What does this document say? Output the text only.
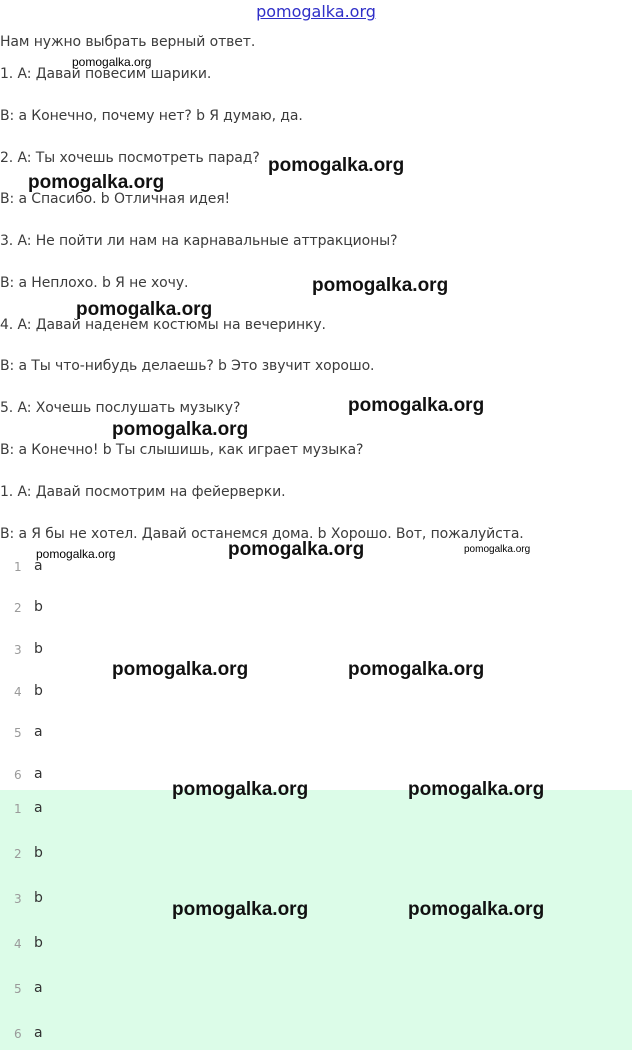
pomogalka.org
Нам нужно выбрать верный ответ.
1. A: Давай повесим шарики.
B: a Конечно, почему нет? b Я думаю, да.
2. A: Ты хочешь посмотреть парад?
B: a Спасибо. b Отличная идея!
3. A: Не пойти ли нам на карнавальные аттракционы?
B: a Неплохо. b Я не хочу.
4. A: Давай наденем костюмы на вечеринку.
B: a Ты что-нибудь делаешь? b Это звучит хорошо.
5. A: Хочешь послушать музыку?
B: a Конечно! b Ты слышишь, как играет музыка?
1. A: Давай посмотрим на фейерверки.
B: a Я бы не хотел. Давай останемся дома. b Хорошо. Вот, пожалуйста.
1 a
2 b
3 b
4 b
5 a
6 a
1 a
2 b
3 b
4 b
5 a
6 a
pomogalka.org
pomogalka.org
pomogalka.org
pomogalka.org
pomogalka.org
pomogalka.org
pomogalka.org
pomogalka.org	pomogalka.org	pomogalka.org
pomogalka.org	pomogalka.org
pomogalka.org	pomogalka.org
pomogalka.org	pomogalka.org
